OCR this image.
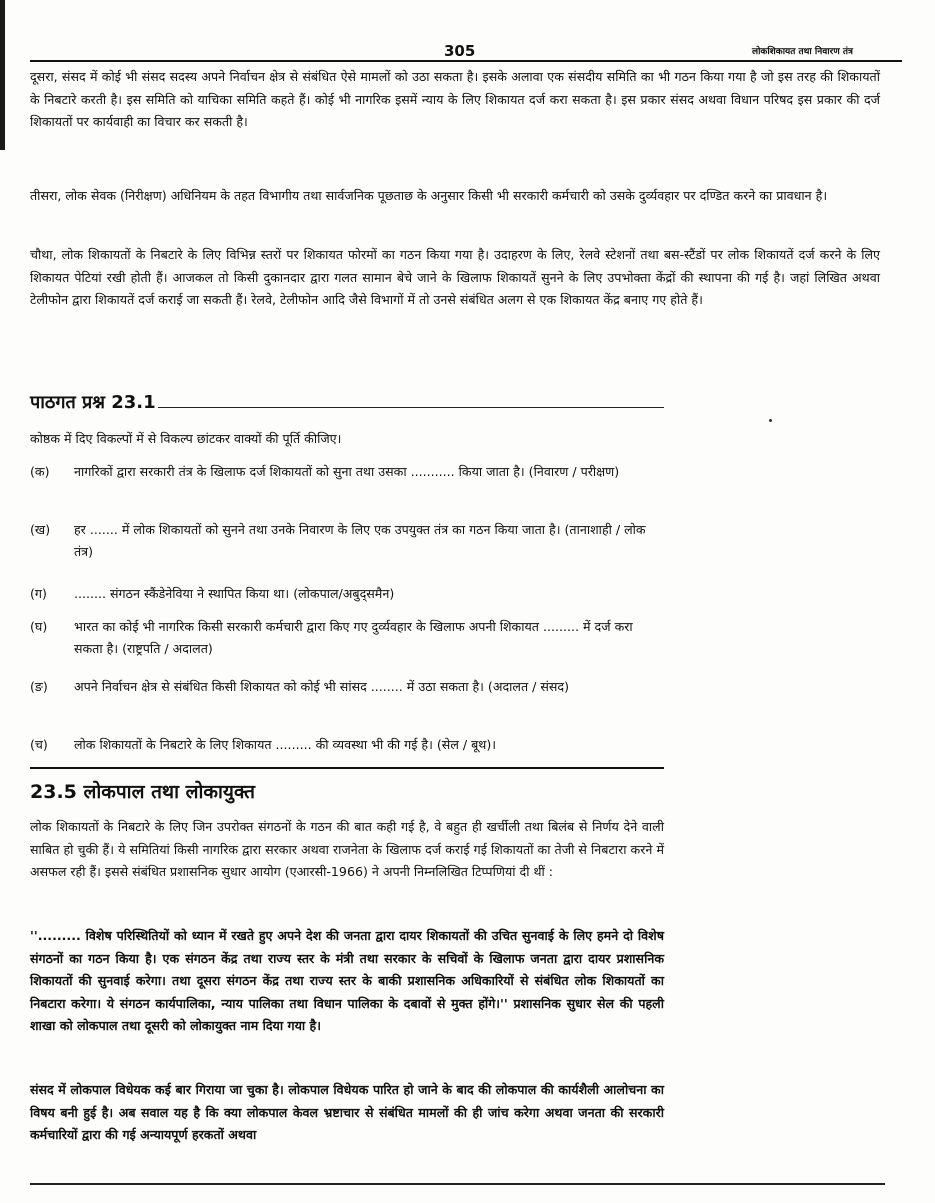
305	लोकशिकायत तथा निवारण तंत्र

दूसरा, संसद में कोई भी संसद सदस्य अपने निर्वाचन क्षेत्र से संबंधित ऐसे मामलों को उठा सकता है। इसके अलावा एक संसदीय समिति का भी गठन किया गया है जो इस तरह की शिकायतों के निबटारे करती है। इस समिति को याचिका समिति कहते हैं। कोई भी नागरिक इसमें न्याय के लिए शिकायत दर्ज करा सकता है। इस प्रकार संसद अथवा विधान परिषद इस प्रकार की दर्ज शिकायतों पर कार्यवाही का विचार कर सकती है।

तीसरा, लोक सेवक (निरीक्षण) अधिनियम के तहत विभागीय तथा सार्वजनिक पूछताछ के अनुसार किसी भी सरकारी कर्मचारी को उसके दुर्व्यवहार पर दण्डित करने का प्रावधान है।

चौथा, लोक शिकायतों के निबटारे के लिए विभिन्न स्तरों पर शिकायत फोरमों का गठन किया गया है। उदाहरण के लिए, रेलवे स्टेशनों तथा बस-स्टैंडों पर लोक शिकायतें दर्ज करने के लिए शिकायत पेटियां रखी होती हैं। आजकल तो किसी दुकानदार द्वारा गलत सामान बेचे जाने के खिलाफ शिकायतें सुनने के लिए उपभोक्ता केंद्रों की स्थापना की गई है। जहां लिखित अथवा टेलीफोन द्वारा शिकायतें दर्ज कराई जा सकती हैं। रेलवे, टेलीफोन आदि जैसे विभागों में तो उनसे संबंधित अलग से एक शिकायत केंद्र बनाए गए होते हैं।

पाठगत प्रश्न 23.1
कोष्ठक में दिए विकल्पों में से विकल्प छांटकर वाक्यों की पूर्ति कीजिए।
(क)	नागरिकों द्वारा सरकारी तंत्र के खिलाफ दर्ज शिकायतों को सुना तथा उसका ........... किया जाता है। (निवारण / परीक्षण)
(ख)	हर ....... में लोक शिकायतों को सुनने तथा उनके निवारण के लिए एक उपयुक्त तंत्र का गठन किया जाता है। (तानाशाही / लोक तंत्र)
(ग)	........ संगठन स्कैंडेनेविया ने स्थापित किया था। (लोकपाल/अबुद्समैन)
(घ)	भारत का कोई भी नागरिक किसी सरकारी कर्मचारी द्वारा किए गए दुर्व्यवहार के खिलाफ अपनी शिकायत ......... में दर्ज करा सकता है। (राष्ट्रपति / अदालत)
(ङ)	अपने निर्वाचन क्षेत्र से संबंधित किसी शिकायत को कोई भी सांसद ........ में उठा सकता है। (अदालत / संसद)
(च)	लोक शिकायतों के निबटारे के लिए शिकायत ......... की व्यवस्था भी की गई है। (सेल / बूथ)।
23.5 लोकपाल तथा लोकायुक्त

लोक शिकायतों के निबटारे के लिए जिन उपरोक्त संगठनों के गठन की बात कही गई है, वे बहुत ही खर्चीली तथा बिलंब से निर्णय देने वाली साबित हो चुकी हैं। ये समितियां किसी नागरिक द्वारा सरकार अथवा राजनेता के खिलाफ दर्ज कराई गई शिकायतों का तेजी से निबटारा करने में असफल रही हैं। इससे संबंधित प्रशासनिक सुधार आयोग (एआरसी-1966) ने अपनी निम्नलिखित टिप्पणियां दी थीं :

''......... विशेष परिस्थितियों को ध्यान में रखते हुए अपने देश की जनता द्वारा दायर शिकायतों की उचित सुनवाई के लिए हमने दो विशेष संगठनों का गठन किया है। एक संगठन केंद्र तथा राज्य स्तर के मंत्री तथा सरकार के सचिवों के खिलाफ जनता द्वारा दायर प्रशासनिक शिकायतों की सुनवाई करेगा। तथा दूसरा संगठन केंद्र तथा राज्य स्तर के बाकी प्रशासनिक अधिकारियों से संबंधित लोक शिकायतों का निबटारा करेगा। ये संगठन कार्यपालिका, न्याय पालिका तथा विधान पालिका के दबावों से मुक्त होंगे।'' प्रशासनिक सुधार सेल की पहली शाखा को लोकपाल तथा दूसरी को लोकायुक्त नाम दिया गया है।

संसद में लोकपाल विधेयक कई बार गिराया जा चुका है। लोकपाल विधेयक पारित हो जाने के बाद की लोकपाल की कार्यशैली आलोचना का विषय बनी हुई है। अब सवाल यह है कि क्या लोकपाल केवल भ्रष्टाचार से संबंधित मामलों की ही जांच करेगा अथवा जनता की सरकारी कर्मचारियों द्वारा की गई अन्यायपूर्ण हरकतों अथवा
